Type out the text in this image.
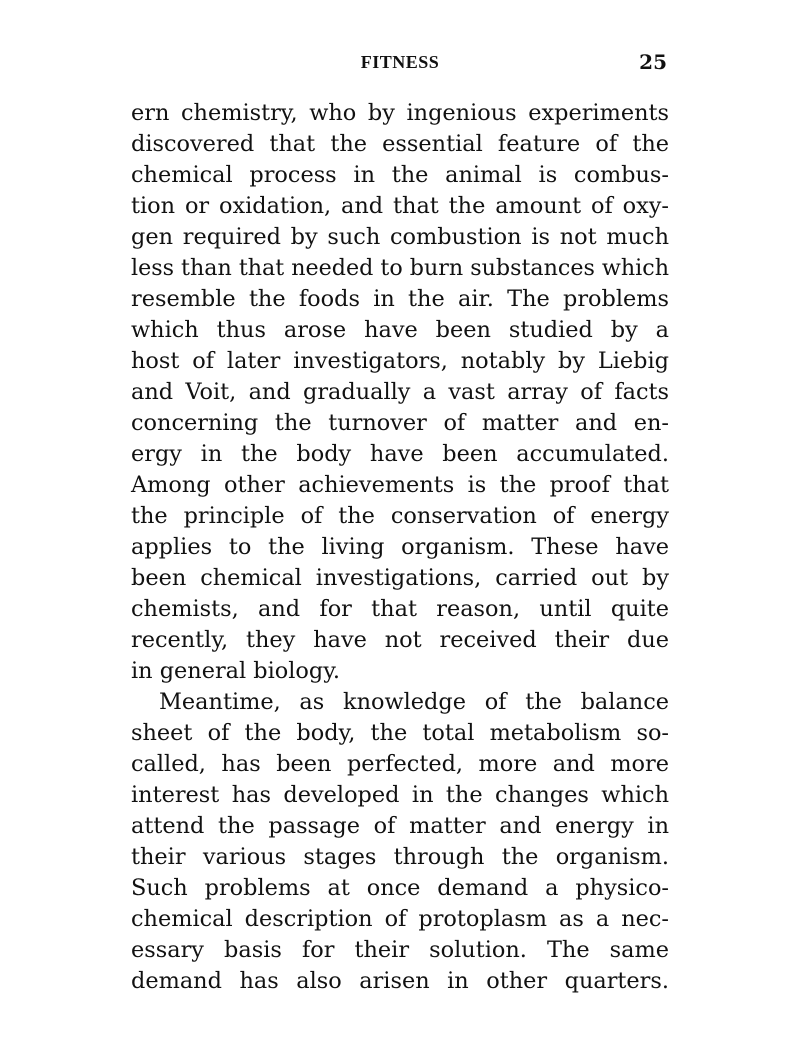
FITNESS	25
ern chemistry, who by ingenious experiments
discovered that the essential feature of the
chemical process in the animal is combus-
tion or oxidation, and that the amount of oxy-
gen required by such combustion is not much
less than that needed to burn substances which
resemble the foods in the air. The problems
which thus arose have been studied by a
host of later investigators, notably by Liebig
and Voit, and gradually a vast array of facts
concerning the turnover of matter and en-
ergy in the body have been accumulated.
Among other achievements is the proof that
the principle of the conservation of energy
applies to the living organism. These have
been chemical investigations, carried out by
chemists, and for that reason, until quite
recently, they have not received their due
in general biology.
Meantime, as knowledge of the balance
sheet of the body, the total metabolism so-
called, has been perfected, more and more
interest has developed in the changes which
attend the passage of matter and energy in
their various stages through the organism.
Such problems at once demand a physico-
chemical description of protoplasm as a nec-
essary basis for their solution. The same
demand has also arisen in other quarters.
